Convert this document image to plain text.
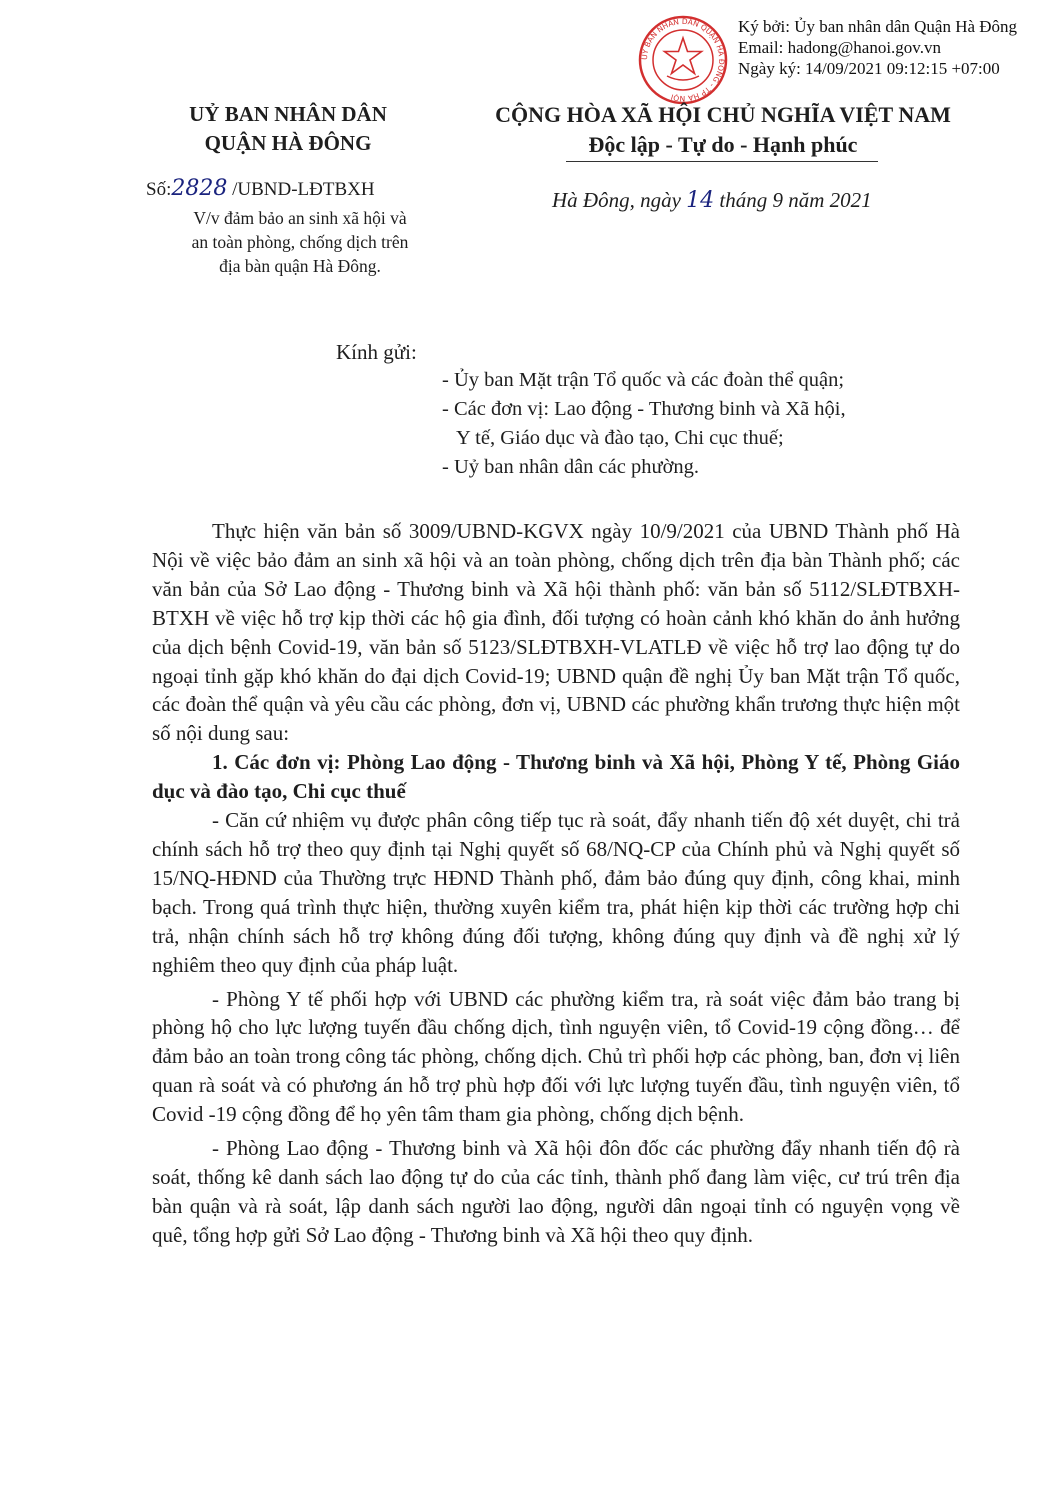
ỦY BAN NHÂN DÂN QUẬN HÀ ĐÔNG - TP HÀ NỘI
Ký bởi: Ủy ban nhân dân Quận Hà Đông
Email: hadong@hanoi.gov.vn
Ngày ký: 14/09/2021 09:12:15 +07:00
UỶ BAN NHÂN DÂN
QUẬN HÀ ĐÔNG
CỘNG HÒA XÃ HỘI CHỦ NGHĨA VIỆT NAM
Độc lập - Tự do - Hạnh phúc
Số:2828 /UBND-LĐTBXH
V/v đảm bảo an sinh xã hội và
an toàn phòng, chống dịch trên
địa bàn quận Hà Đông.
Hà Đông, ngày 14 tháng 9 năm 2021
Kính gửi:
- Ủy ban Mặt trận Tổ quốc và các đoàn thể quận;
- Các đơn vị: Lao động - Thương binh và Xã hội,
Y tế, Giáo dục và đào tạo, Chi cục thuế;
- Uỷ ban nhân dân các phường.

Thực hiện văn bản số 3009/UBND-KGVX ngày 10/9/2021 của UBND Thành phố Hà Nội về việc bảo đảm an sinh xã hội và an toàn phòng, chống dịch trên địa bàn Thành phố; các văn bản của Sở Lao động - Thương binh và Xã hội thành phố: văn bản số 5112/SLĐTBXH-BTXH về việc hỗ trợ kịp thời các hộ gia đình, đối tượng có hoàn cảnh khó khăn do ảnh hưởng của dịch bệnh Covid-19, văn bản số 5123/SLĐTBXH-VLATLĐ về việc hỗ trợ lao động tự do ngoại tỉnh gặp khó khăn do đại dịch Covid-19; UBND quận đề nghị Ủy ban Mặt trận Tổ quốc, các đoàn thể quận và yêu cầu các phòng, đơn vị, UBND các phường khẩn trương thực hiện một số nội dung sau:

1. Các đơn vị: Phòng Lao động - Thương binh và Xã hội, Phòng Y tế, Phòng Giáo dục và đào tạo, Chi cục thuế

- Căn cứ nhiệm vụ được phân công tiếp tục rà soát, đẩy nhanh tiến độ xét duyệt, chi trả chính sách hỗ trợ theo quy định tại Nghị quyết số 68/NQ-CP của Chính phủ và Nghị quyết số 15/NQ-HĐND của Thường trực HĐND Thành phố, đảm bảo đúng quy định, công khai, minh bạch. Trong quá trình thực hiện, thường xuyên kiểm tra, phát hiện kịp thời các trường hợp chi trả, nhận chính sách hỗ trợ không đúng đối tượng, không đúng quy định và đề nghị xử lý nghiêm theo quy định của pháp luật.

- Phòng Y tế phối hợp với UBND các phường kiểm tra, rà soát việc đảm bảo trang bị phòng hộ cho lực lượng tuyến đầu chống dịch, tình nguyện viên, tổ Covid-19 cộng đồng… để đảm bảo an toàn trong công tác phòng, chống dịch. Chủ trì phối hợp các phòng, ban, đơn vị liên quan rà soát và có phương án hỗ trợ phù hợp đối với lực lượng tuyến đầu, tình nguyện viên, tổ Covid -19 cộng đồng để họ yên tâm tham gia phòng, chống dịch bệnh.

- Phòng Lao động - Thương binh và Xã hội đôn đốc các phường đẩy nhanh tiến độ rà soát, thống kê danh sách lao động tự do của các tỉnh, thành phố đang làm việc, cư trú trên địa bàn quận và rà soát, lập danh sách người lao động, người dân ngoại tỉnh có nguyện vọng về quê, tổng hợp gửi Sở Lao động - Thương binh và Xã hội theo quy định.
